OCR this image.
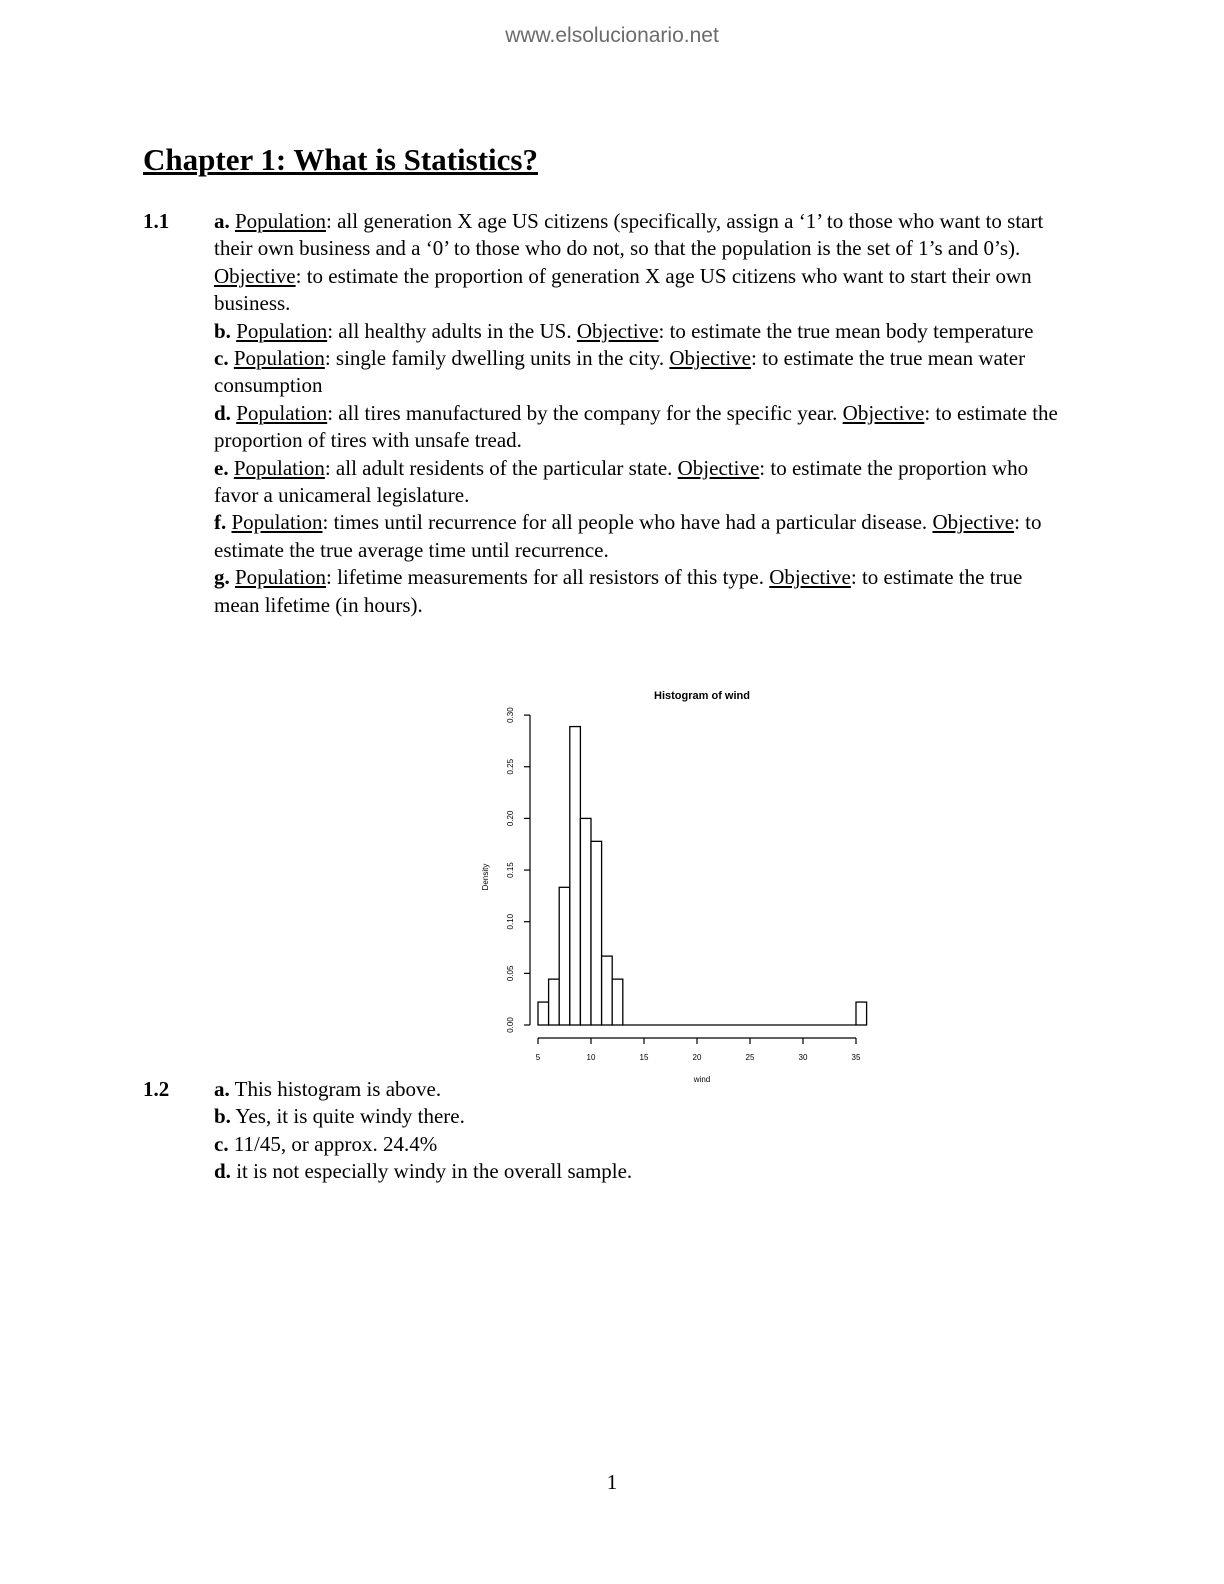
www.elsolucionario.net
Chapter 1: What is Statistics?
1.1 a. Population: all generation X age US citizens (specifically, assign a ‘1’ to those who want to start their own business and a ‘0’ to those who do not, so that the population is the set of 1’s and 0’s). Objective: to estimate the proportion of generation X age US citizens who want to start their own business.
b. Population: all healthy adults in the US. Objective: to estimate the true mean body temperature
c. Population: single family dwelling units in the city. Objective: to estimate the true mean water consumption
d. Population: all tires manufactured by the company for the specific year. Objective: to estimate the proportion of tires with unsafe tread.
e. Population: all adult residents of the particular state. Objective: to estimate the proportion who favor a unicameral legislature.
f. Population: times until recurrence for all people who have had a particular disease. Objective: to estimate the true average time until recurrence.
g. Population: lifetime measurements for all resistors of this type. Objective: to estimate the true mean lifetime (in hours).
Histogram of wind
0.00
0.05
0.10
0.15
0.20
0.25
0.30
Density
5	10	15	20	25	30	35
wind
1.2 a. This histogram is above.
b. Yes, it is quite windy there.
c. 11/45, or approx. 24.4%
d. it is not especially windy in the overall sample.
1
